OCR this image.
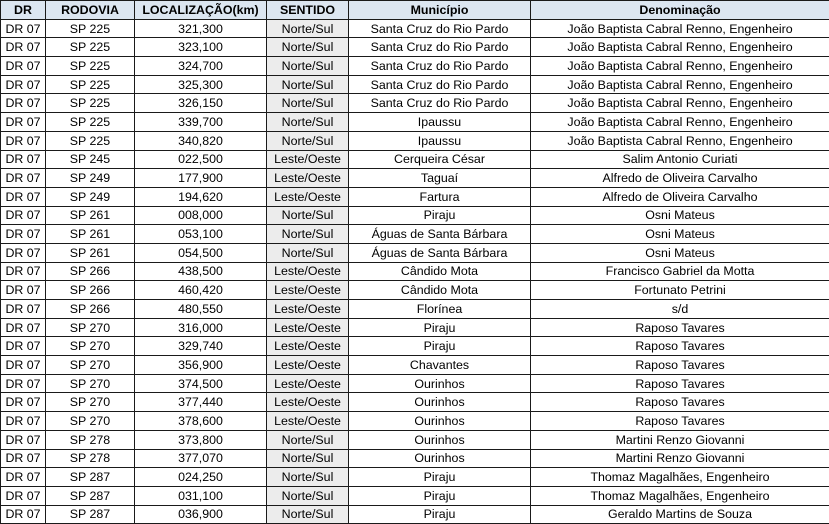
DR	RODOVIA	LOCALIZAÇÃO(km)	SENTIDO	Município	Denominação
DR 07	SP 225	321,300	Norte/Sul	Santa Cruz do Rio Pardo	João Baptista Cabral Renno, Engenheiro
DR 07	SP 225	323,100	Norte/Sul	Santa Cruz do Rio Pardo	João Baptista Cabral Renno, Engenheiro
DR 07	SP 225	324,700	Norte/Sul	Santa Cruz do Rio Pardo	João Baptista Cabral Renno, Engenheiro
DR 07	SP 225	325,300	Norte/Sul	Santa Cruz do Rio Pardo	João Baptista Cabral Renno, Engenheiro
DR 07	SP 225	326,150	Norte/Sul	Santa Cruz do Rio Pardo	João Baptista Cabral Renno, Engenheiro
DR 07	SP 225	339,700	Norte/Sul	Ipaussu	João Baptista Cabral Renno, Engenheiro
DR 07	SP 225	340,820	Norte/Sul	Ipaussu	João Baptista Cabral Renno, Engenheiro
DR 07	SP 245	022,500	Leste/Oeste	Cerqueira César	Salim Antonio Curiati
DR 07	SP 249	177,900	Leste/Oeste	Taguaí	Alfredo de Oliveira Carvalho
DR 07	SP 249	194,620	Leste/Oeste	Fartura	Alfredo de Oliveira Carvalho
DR 07	SP 261	008,000	Norte/Sul	Piraju	Osni Mateus
DR 07	SP 261	053,100	Norte/Sul	Águas de Santa Bárbara	Osni Mateus
DR 07	SP 261	054,500	Norte/Sul	Águas de Santa Bárbara	Osni Mateus
DR 07	SP 266	438,500	Leste/Oeste	Cândido Mota	Francisco Gabriel da Motta
DR 07	SP 266	460,420	Leste/Oeste	Cândido Mota	Fortunato Petrini
DR 07	SP 266	480,550	Leste/Oeste	Florínea	s/d
DR 07	SP 270	316,000	Leste/Oeste	Piraju	Raposo Tavares
DR 07	SP 270	329,740	Leste/Oeste	Piraju	Raposo Tavares
DR 07	SP 270	356,900	Leste/Oeste	Chavantes	Raposo Tavares
DR 07	SP 270	374,500	Leste/Oeste	Ourinhos	Raposo Tavares
DR 07	SP 270	377,440	Leste/Oeste	Ourinhos	Raposo Tavares
DR 07	SP 270	378,600	Leste/Oeste	Ourinhos	Raposo Tavares
DR 07	SP 278	373,800	Norte/Sul	Ourinhos	Martini Renzo Giovanni
DR 07	SP 278	377,070	Norte/Sul	Ourinhos	Martini Renzo Giovanni
DR 07	SP 287	024,250	Norte/Sul	Piraju	Thomaz Magalhães, Engenheiro
DR 07	SP 287	031,100	Norte/Sul	Piraju	Thomaz Magalhães, Engenheiro
DR 07	SP 287	036,900	Norte/Sul	Piraju	Geraldo Martins de Souza
